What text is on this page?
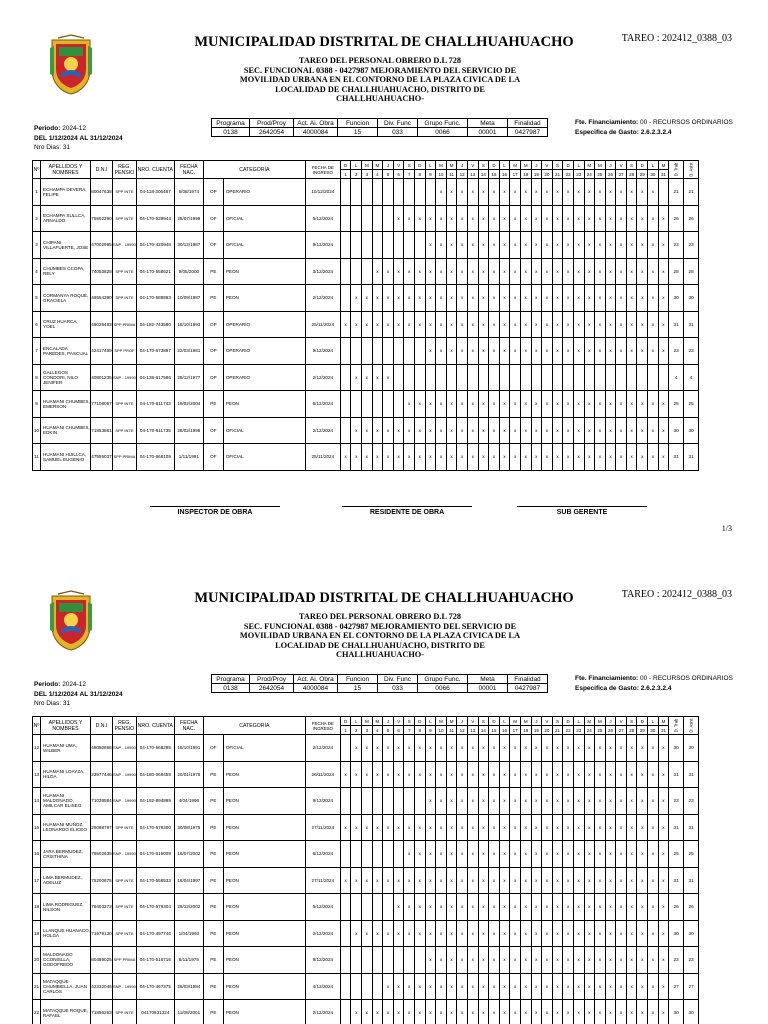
MUNICIPALIDAD DISTRITAL DE CHALLHUAHUACHO	TAREO : 202412_0388_03
TAREO DEL PERSONAL OBRERO D.L 728
SEC. FUNCIONAL 0388 - 0427987 MEJORAMIENTO DEL SERVICIO DE
MOVILIDAD URBANA EN EL CONTORNO DE LA PLAZA CIVICA DE LA
LOCALIDAD DE CHALLHUAHUACHO, DISTRITO DE
CHALLHUAHUACHO-
Programa	Prod/Proy	Act. Ai. Obra	Funcion	Div. Func	Grupo Func.	Meta	Finalidad
0138	2642054	4000084	15	033	0066	00001	0427987
Fte. Financiamiento: 00 - RECURSOS ORDINARIOS
Especifica de Gasto: 2.6.2.3.2.4
Periodo: 2024-12
DEL 1/12/2024 AL 31/12/2024
Nro Dias: 31
Nº	APELLIDOS Y NOMBRES	D.N.I	REG. PENSIO	NRO. CUENTA	FECHA NAC.	CATEGORÍA		FECHA DE INGRESO	D	L	M	M	J	V	S	D	L	M	M	J	V	S	D	L	M	M	J	V	S	D	L	M	M	J	V	S	D	L	M	D. Trab	D. Asist
									1	2	3	4	5	6	7	8	9	10	11	12	13	14	15	16	17	18	19	20	21	22	23	24	25	26	27	28	29	30	31		
1	ECHAMPA DEVERA, FELIPE	80047638	SPP INTE	04-118-306487	6/08/1974	OP	OPERARIO	10/12/2024										x	x	x	x	x	x	x	x	x	x	x	x	x	x	x	x	x	x	x	x	x		21	21
2	ECHAMPA SULLCA, ARNALDO	75802290	SPP INTE	04-170-539944	25/07/1999	OF	OFICIAL	5/12/2024						x	x	x	x	x	x	x	x	x	x	x	x	x	x	x	x	x	x	x	x	x	x	x	x	x	x	26	26
3	CHIPANI VILLAFUERTE, JOSE	47002995	SNP - 19990	04-170-420948	30/12/1987	OF	OFICIAL	9/12/2024									x	x	x	x	x	x	x	x	x	x	x	x	x	x	x	x	x	x	x	x	x	x	x	23	23
4	CHUMBES CCOPA, RELY	74053828	SPP INTE	04-170-558621	9/05/2000	PE	PEON	3/12/2024				x	x	x	x	x	x	x	x	x	x	x	x	x	x	x	x	x	x	x	x	x	x	x	x	x	x	x	x	28	28
5	CORMANYA ROQUE, GRACIELA	46554390	SPP INTE	04-170-588863	10/09/1987	PE	PEON	2/12/2024		x	x	x	x	x	x	x	x	x	x	x	x	x	x	x	x	x	x	x	x	x	x	x	x	x	x	x	x	x	x	30	30
6	CRUZ HUARCA, YOEL	48026483	SPP PRIMA	04-182-743580	18/10/1993	OP	OPERARIO	25/11/2024	x	x	x	x	x	x	x	x	x	x	x	x	x	x	x	x	x	x	x	x	x	x	x	x	x	x	x	x	x	x	x	31	31
7	ENCALADA PAREDES, PASCUAL	42417469	SPP PROF	04-170-673897	22/03/1981	OP	OPERARIO	9/12/2024									x	x	x	x	x	x	x	x	x	x	x	x	x	x	x	x	x	x	x	x	x	x	x	23	23
8	GALLEGOS CONDORI, NILO JENIFER	40801235	SNP - 19990	04-138-617586	29/12/1977	OP	OPERARIO	2/12/2024		x	x	x	x																											4	4
9	HUAMANI CHUMBES, EMERSON	77108057	SPP INTE	04-170-611743	19/02/2004	PE	PEON	6/12/2024							x	x	x	x	x	x	x	x	x	x	x	x	x	x	x	x	x	x	x	x	x	x	x	x	x	25	25
10	HUAMANI CHUMBES, EDKIN	71853861	SPP INTE	04-170-611735	28/02/1996	OF	OFICIAL	2/12/2024		x	x	x	x	x	x	x	x	x	x	x	x	x	x	x	x	x	x	x	x	x	x	x	x	x	x	x	x	x	x	30	30
11	HUAMANI HUILLCA, SAMUEL EUGENIO	47555037	SPP PRIMA	04-170-668109	1/11/1991	OF	OFICIAL	25/11/2024	x	x	x	x	x	x	x	x	x	x	x	x	x	x	x	x	x	x	x	x	x	x	x	x	x	x	x	x	x	x	x	31	31
INSPECTOR DE OBRA	RESIDENTE DE OBRA	SUB GERENTE
1/3
MUNICIPALIDAD DISTRITAL DE CHALLHUAHUACHO	TAREO : 202412_0388_03
TAREO DEL PERSONAL OBRERO D.L 728
SEC. FUNCIONAL 0388 - 0427987 MEJORAMIENTO DEL SERVICIO DE
MOVILIDAD URBANA EN EL CONTORNO DE LA PLAZA CIVICA DE LA
LOCALIDAD DE CHALLHUAHUACHO, DISTRITO DE
CHALLHUAHUACHO-
Programa	Prod/Proy	Act. Ai. Obra	Funcion	Div. Func	Grupo Func.	Meta	Finalidad
0138	2642054	4000084	15	033	0066	00001	0427987
Fte. Financiamiento: 00 - RECURSOS ORDINARIOS
Especifica de Gasto: 2.6.2.3.2.4
Periodo: 2024-12
DEL 1/12/2024 AL 31/12/2024
Nro Dias: 31
Nº	APELLIDOS Y NOMBRES	D.N.I	REG. PENSIO	NRO. CUENTA	FECHA NAC.	CATEGORÍA		FECHA DE INGRESO	D	L	M	M	J	V	S	D	L	M	M	J	V	S	D	L	M	M	J	V	S	D	L	M	M	J	V	S	D	L	M	D. Trab	D. Asist
									1	2	3	4	5	6	7	8	9	10	11	12	13	14	15	16	17	18	19	20	21	22	23	24	25	26	27	28	29	30	31		
12	HUAMANI UMA, WILBER	48050866	SNP - 19990	04-170-568295	18/10/1991	OF	OFICIAL	2/12/2024		x	x	x	x	x	x	x	x	x	x	x	x	x	x	x	x	x	x	x	x	x	x	x	x	x	x	x	x	x	x	30	30
13	HUAMANI LOAYZA, HILDA	23977446	SNP - 19990	04-180-069459	20/01/1975	PE	PEON	26/11/2024	x	x	x	x	x	x	x	x	x	x	x	x	x	x	x	x	x	x	x	x	x	x	x	x	x	x	x	x	x	x	x	31	31
14	HUAMANI MALDONADO, AMILCAR ELISEO	71038584	SNP - 19990	04-182-894899	4/04/1996	PE	PEON	9/12/2024									x	x	x	x	x	x	x	x	x	x	x	x	x	x	x	x	x	x	x	x	x	x	x	23	23
15	HUAMANI MUÑOZ, LEONARDO ELICEO	25068797	SPP INTE	04-170-579300	30/08/1975	PE	PEON	27/11/2024	x	x	x	x	x	x	x	x	x	x	x	x	x	x	x	x	x	x	x	x	x	x	x	x	x	x	x	x	x	x	x	31	31
16	JARA BERMUDEZ, CRISTHINA	76502635	SNP - 19990	04-170-615009	16/07/2002	PE	PEON	6/12/2024							x	x	x	x	x	x	x	x	x	x	x	x	x	x	x	x	x	x	x	x	x	x	x	x	x	25	25
17	LIMA BERMUDEZ, ADELUZ	75200675	SPP INTE	04-170-558533	16/04/1997	PE	PEON	27/11/2024	x	x	x	x	x	x	x	x	x	x	x	x	x	x	x	x	x	x	x	x	x	x	x	x	x	x	x	x	x	x	x	31	31
18	LIMA RODRIGUEZ, NILSON	76403273	SPP INTE	04-170-579304	29/12/2002	PE	PEON	5/12/2024						x	x	x	x	x	x	x	x	x	x	x	x	x	x	x	x	x	x	x	x	x	x	x	x	x	x	26	26
19	LLANQUE HUANACO, HOLGA	71979130	SPP INTE	04-170-497746	1/04/1993	PE	PEON	2/12/2024		x	x	x	x	x	x	x	x	x	x	x	x	x	x	x	x	x	x	x	x	x	x	x	x	x	x	x	x	x	x	30	30
20	MALDONADO CCONISLLA, GODOFREDO	80489025	SPP PRIMA	04-170-516716	8/11/1975	PE	PEON	9/12/2024									x	x	x	x	x	x	x	x	x	x	x	x	x	x	x	x	x	x	x	x	x	x	x	23	23
21	MATAQQUE CHUMBIELLA, JUAN CARLOS	42332046	SNP - 19990	04-170-467375	26/03/1984	PE	PEON	4/12/2024					x	x	x	x	x	x	x	x	x	x	x	x	x	x	x	x	x	x	x	x	x	x	x	x	x	x	x	27	27
22	MATAQQUE ROQUE, RAFAEL	71856263	SPP INTE	04170531324	11/08/2001	PE	PEON	2/12/2024		x	x	x	x	x	x	x	x	x	x	x	x	x	x	x	x	x	x	x	x	x	x	x	x	x	x	x	x	x	x	30	30
